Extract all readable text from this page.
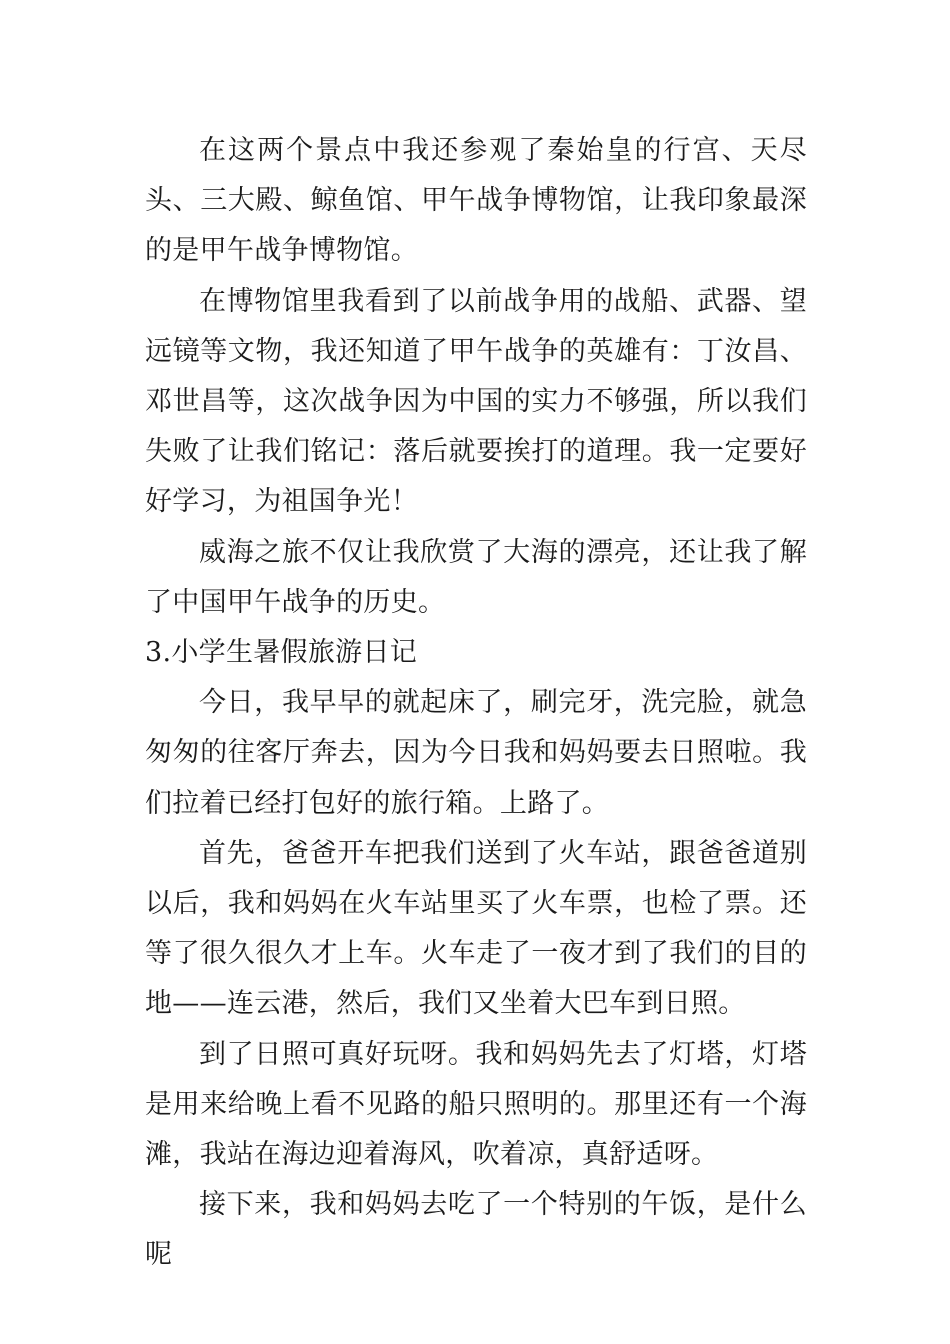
在这两个景点中我还参观了秦始皇的行宫、天尽头、三大殿、鲸鱼馆、甲午战争博物馆，让我印象最深的是甲午战争博物馆。

在博物馆里我看到了以前战争用的战船、武器、望远镜等文物，我还知道了甲午战争的英雄有：丁汝昌、邓世昌等，这次战争因为中国的实力不够强，所以我们失败了让我们铭记：落后就要挨打的道理。我一定要好好学习，为祖国争光！

威海之旅不仅让我欣赏了大海的漂亮，还让我了解了中国甲午战争的历史。

3.小学生暑假旅游日记

今日，我早早的就起床了，刷完牙，洗完脸，就急匆匆的往客厅奔去，因为今日我和妈妈要去日照啦。我们拉着已经打包好的旅行箱。上路了。

首先，爸爸开车把我们送到了火车站，跟爸爸道别以后，我和妈妈在火车站里买了火车票，也检了票。还等了很久很久才上车。火车走了一夜才到了我们的目的地——连云港，然后，我们又坐着大巴车到日照。

到了日照可真好玩呀。我和妈妈先去了灯塔，灯塔是用来给晚上看不见路的船只照明的。那里还有一个海滩，我站在海边迎着海风，吹着凉，真舒适呀。

接下来，我和妈妈去吃了一个特别的午饭，是什么呢
